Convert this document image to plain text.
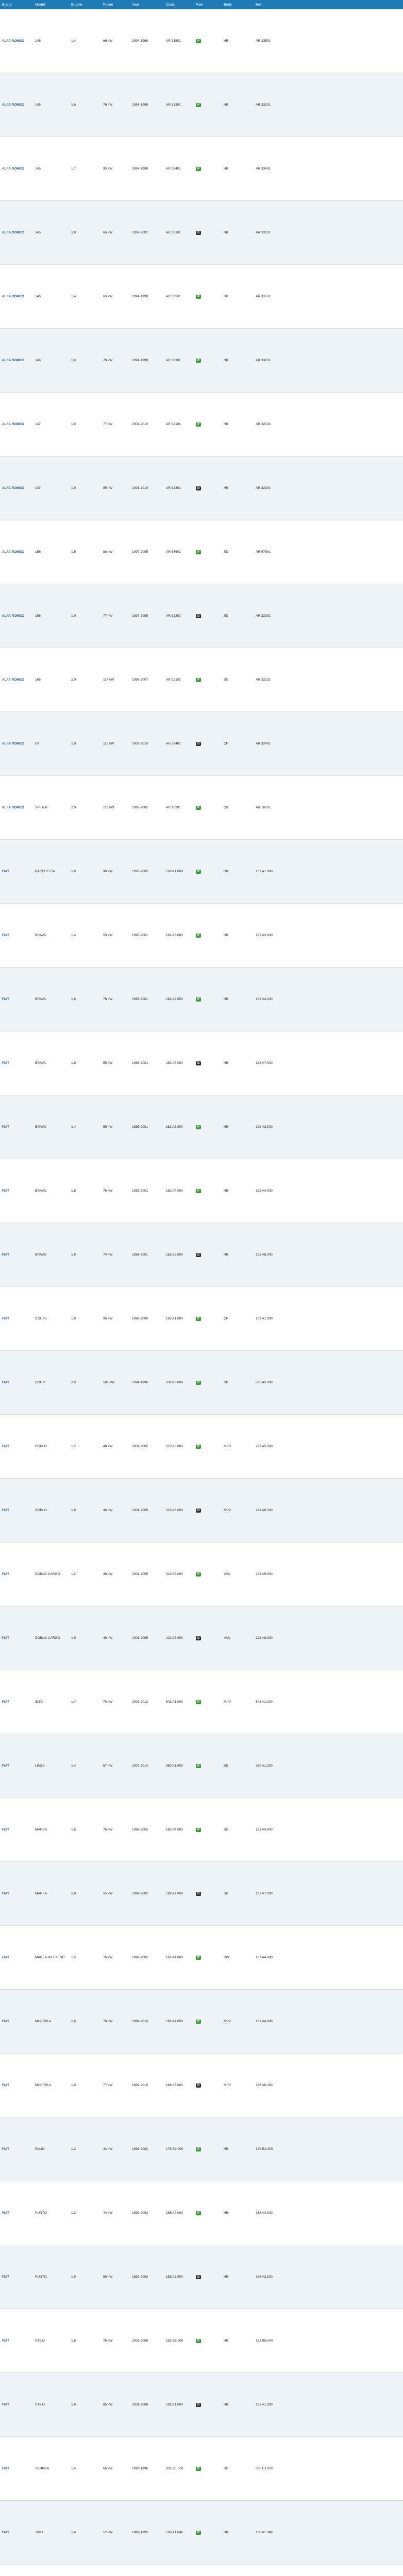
Brand	Model	Engine	Power	Year	Code	Fuel	Body	Ref
ALFA ROMEO	145	1.4	66 kW	1994-1998	AR 33501	P	HB	AR 33501
ALFA ROMEO	145	1.6	76 kW	1994-1998	AR 33201	P	HB	AR 33201
ALFA ROMEO	145	1.7	95 kW	1994-1998	AR 33401	P	HB	AR 33401
ALFA ROMEO	145	1.9	66 kW	1997-2001	AR 33101	D	HB	AR 33101
ALFA ROMEO	146	1.4	66 kW	1994-1999	AR 33501	P	HB	AR 33501
ALFA ROMEO	146	1.6	76 kW	1994-1999	AR 33201	P	HB	AR 33201
ALFA ROMEO	147	1.6	77 kW	2001-2010	AR 32104	P	HB	AR 32104
ALFA ROMEO	147	1.9	85 kW	2001-2010	AR 32301	D	HB	AR 32301
ALFA ROMEO	156	1.6	88 kW	1997-2005	AR 67601	P	SD	AR 67601
ALFA ROMEO	156	1.9	77 kW	1997-2005	AR 32302	D	SD	AR 32302
ALFA ROMEO	166	2.0	114 kW	1998-2007	AR 32102	P	SD	AR 32102
ALFA ROMEO	GT	1.9	110 kW	2003-2010	AR 32401	D	CP	AR 32401
ALFA ROMEO	SPIDER	2.0	110 kW	1995-2005	AR 16201	P	CB	AR 16201
FIAT	BARCHETTA	1.8	96 kW	1995-2005	183 A1.000	P	CB	183 A1.000
FIAT	BRAVA	1.4	59 kW	1995-2001	182 A3.000	P	HB	182 A3.000
FIAT	BRAVA	1.6	76 kW	1995-2001	182 A4.000	P	HB	182 A4.000
FIAT	BRAVA	1.9	55 kW	1996-2001	182 A7.000	D	HB	182 A7.000
FIAT	BRAVO	1.4	59 kW	1995-2001	182 A3.000	P	HB	182 A3.000
FIAT	BRAVO	1.6	76 kW	1995-2001	182 A4.000	P	HB	182 A4.000
FIAT	BRAVO	1.9	74 kW	1996-2001	182 A8.000	D	HB	182 A8.000
FIAT	COUPE	1.8	96 kW	1996-2000	183 A1.000	P	CP	183 A1.000
FIAT	COUPE	2.0	101 kW	1994-1996	836 A3.000	P	CP	836 A3.000
FIAT	DOBLO	1.2	48 kW	2001-2005	223 A5.000	P	MPV	223 A5.000
FIAT	DOBLO	1.9	46 kW	2001-2005	223 A6.000	D	MPV	223 A6.000
FIAT	DOBLO CARGO	1.2	48 kW	2001-2005	223 A5.000	P	VAN	223 A5.000
FIAT	DOBLO CARGO	1.9	46 kW	2001-2005	223 A6.000	D	VAN	223 A6.000
FIAT	IDEA	1.4	70 kW	2003-2012	843 A1.000	P	MPV	843 A1.000
FIAT	LINEA	1.4	57 kW	2007-2014	350 A1.000	P	SD	350 A1.000
FIAT	MAREA	1.6	76 kW	1996-2002	182 A4.000	P	SD	182 A4.000
FIAT	MAREA	1.9	55 kW	1996-2002	182 A7.000	D	SD	182 A7.000
FIAT	MAREA WEEKEND	1.6	76 kW	1996-2002	182 A4.000	P	SW	182 A4.000
FIAT	MULTIPLA	1.6	76 kW	1999-2010	182 A4.000	P	MPV	182 A4.000
FIAT	MULTIPLA	1.9	77 kW	1999-2010	186 A6.000	D	MPV	186 A6.000
FIAT	PALIO	1.2	44 kW	1996-2002	176 B2.000	P	HB	176 B2.000
FIAT	PUNTO	1.2	44 kW	1999-2003	188 A4.000	P	HB	188 A4.000
FIAT	PUNTO	1.9	59 kW	1999-2003	188 A3.000	D	HB	188 A3.000
FIAT	STILO	1.6	76 kW	2001-2008	182 B6.000	P	HB	182 B6.000
FIAT	STILO	1.9	85 kW	2001-2008	192 A1.000	D	HB	192 A1.000
FIAT	TEMPRA	1.6	66 kW	1990-1996	835 C1.000	P	SD	835 C1.000
FIAT	TIPO	1.4	52 kW	1988-1995	160 A1.046	P	HB	160 A1.046
